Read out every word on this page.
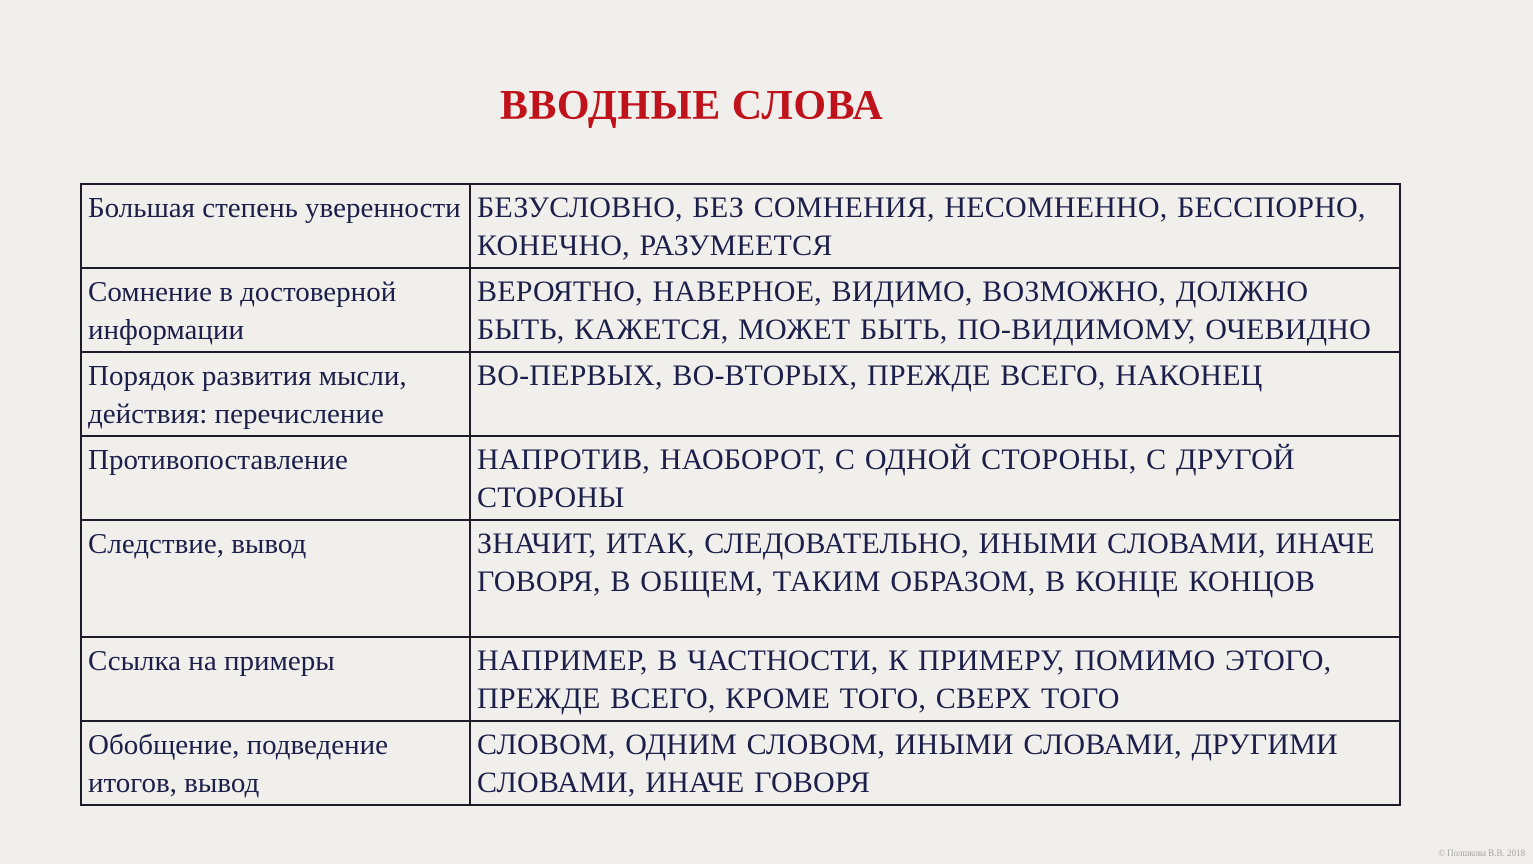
ВВОДНЫЕ СЛОВА
Большая степень уверенности	БЕЗУСЛОВНО, БЕЗ СОМНЕНИЯ, НЕСОМНЕННО, БЕССПОРНО, КОНЕЧНО, РАЗУМЕЕТСЯ
Сомнение в достоверной информации	ВЕРОЯТНО, НАВЕРНОЕ, ВИДИМО, ВОЗМОЖНО, ДОЛЖНО БЫТЬ, КАЖЕТСЯ, МОЖЕТ БЫТЬ, ПО-ВИДИМОМУ, ОЧЕВИДНО
Порядок развития мысли, действия: перечисление	ВО-ПЕРВЫХ, ВО-ВТОРЫХ, ПРЕЖДЕ ВСЕГО, НАКОНЕЦ
Противопоставление	НАПРОТИВ, НАОБОРОТ, С ОДНОЙ СТОРОНЫ, С ДРУГОЙ СТОРОНЫ
Следствие, вывод	ЗНАЧИТ, ИТАК, СЛЕДОВАТЕЛЬНО, ИНЫМИ СЛОВАМИ, ИНАЧЕ ГОВОРЯ, В ОБЩЕМ, ТАКИМ ОБРАЗОМ, В КОНЦЕ КОНЦОВ
Ссылка на примеры	НАПРИМЕР, В ЧАСТНОСТИ, К ПРИМЕРУ, ПОМИМО ЭТОГО, ПРЕЖДЕ ВСЕГО, КРОМЕ ТОГО, СВЕРХ ТОГО
Обобщение, подведение итогов, вывод	СЛОВОМ, ОДНИМ СЛОВОМ, ИНЫМИ СЛОВАМИ, ДРУГИМИ СЛОВАМИ, ИНАЧЕ ГОВОРЯ
© Полшкова В.В. 2018
